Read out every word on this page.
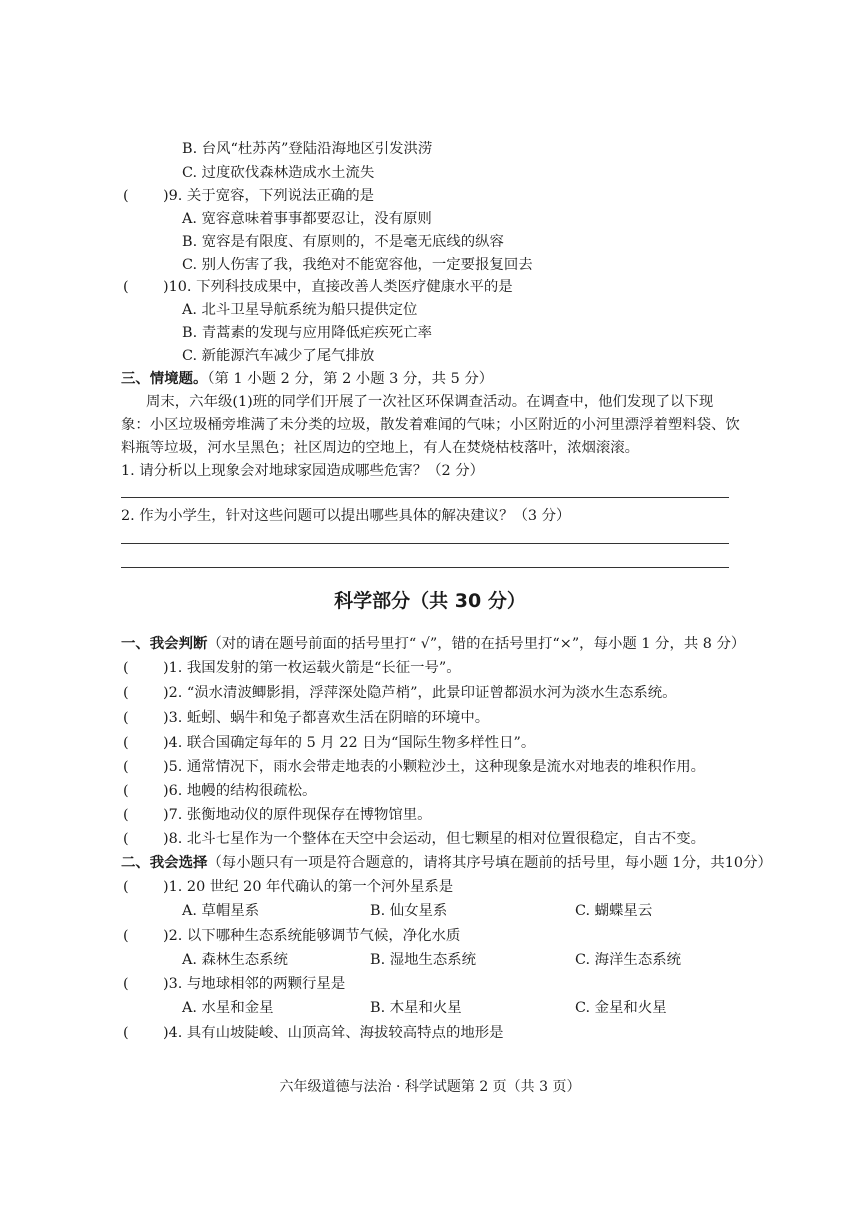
B. 台风“杜苏芮”登陆沿海地区引发洪涝
C. 过度砍伐森林造成水土流失
( )9. 关于宽容，下列说法正确的是
A. 宽容意味着事事都要忍让，没有原则
B. 宽容是有限度、有原则的，不是毫无底线的纵容
C. 别人伤害了我，我绝对不能宽容他，一定要报复回去
( )10. 下列科技成果中，直接改善人类医疗健康水平的是
A. 北斗卫星导航系统为船只提供定位
B. 青蒿素的发现与应用降低疟疾死亡率
C. 新能源汽车减少了尾气排放
三、情境题。（第 1 小题 2 分，第 2 小题 3 分，共 5 分）
周末，六年级(1)班的同学们开展了一次社区环保调查活动。在调查中，他们发现了以下现
象：小区垃圾桶旁堆满了未分类的垃圾，散发着难闻的气味；小区附近的小河里漂浮着塑料袋、饮
料瓶等垃圾，河水呈黑色；社区周边的空地上，有人在焚烧枯枝落叶，浓烟滚滚。
1. 请分析以上现象会对地球家园造成哪些危害？（2 分）
2. 作为小学生，针对这些问题可以提出哪些具体的解决建议？（3 分）
科学部分（共 30 分）
一、我会判断（对的请在题号前面的括号里打“ √”，错的在括号里打“×”，每小题 1 分，共 8 分）
( )1. 我国发射的第一枚运载火箭是“长征一号”。
( )2. “涢水清波鲫影捐，浮萍深处隐芦梢”，此景印证曾都涢水河为淡水生态系统。
( )3. 蚯蚓、蜗牛和兔子都喜欢生活在阴暗的环境中。
( )4. 联合国确定每年的 5 月 22 日为“国际生物多样性日”。
( )5. 通常情况下，雨水会带走地表的小颗粒沙土，这种现象是流水对地表的堆积作用。
( )6. 地幔的结构很疏松。
( )7. 张衡地动仪的原件现保存在博物馆里。
( )8. 北斗七星作为一个整体在天空中会运动，但七颗星的相对位置很稳定，自古不变。
二、我会选择（每小题只有一项是符合题意的，请将其序号填在题前的括号里，每小题 1分，共10分）
( )1. 20 世纪 20 年代确认的第一个河外星系是
A. 草帽星系	B. 仙女星系	C. 蝴蝶星云
( )2. 以下哪种生态系统能够调节气候，净化水质
A. 森林生态系统	B. 湿地生态系统	C. 海洋生态系统
( )3. 与地球相邻的两颗行星是
A. 水星和金星	B. 木星和火星	C. 金星和火星
( )4. 具有山坡陡峻、山顶高耸、海拔较高特点的地形是
六年级道德与法治 · 科学试题第 2 页（共 3 页）
